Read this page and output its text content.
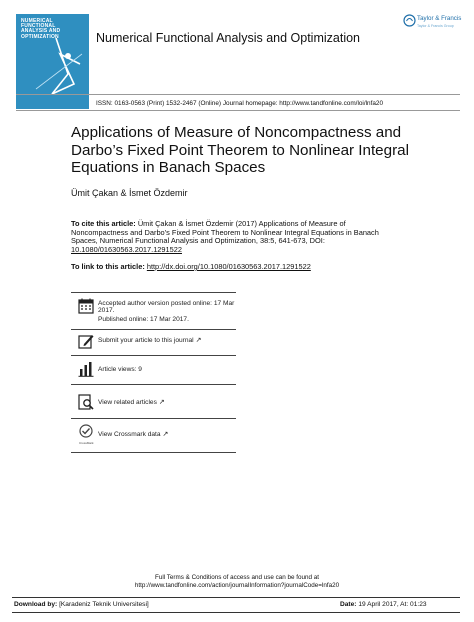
NUMERICAL FUNCTIONAL ANALYSIS AND OPTIMIZATION	Numerical Functional Analysis and Optimization
ISSN: 0163-0563 (Print) 1532-2467 (Online) Journal homepage: http://www.tandfonline.com/loi/lnfa20
Taylor & Francis
Taylor & Francis Group
Applications of Measure of Noncompactness and Darbo’s Fixed Point Theorem to Nonlinear Integral Equations in Banach Spaces
Ümit Çakan & İsmet Özdemir
To cite this article: Ümit Çakan & İsmet Özdemir (2017) Applications of Measure of Noncompactness and Darbo’s Fixed Point Theorem to Nonlinear Integral Equations in Banach Spaces, Numerical Functional Analysis and Optimization, 38:5, 641-673, DOI: 10.1080/01630563.2017.1291522
To link to this article: http://dx.doi.org/10.1080/01630563.2017.1291522
Accepted author version posted online: 17 Mar 2017.
Published online: 17 Mar 2017.
Submit your article to this journal ↗
Article views: 9
View related articles ↗
CrossMark
View Crossmark data ↗
Full Terms & Conditions of access and use can be found at
http://www.tandfonline.com/action/journalInformation?journalCode=lnfa20
Download by: [Karadeniz Teknik Universitesi]	Date: 19 April 2017, At: 01:23
